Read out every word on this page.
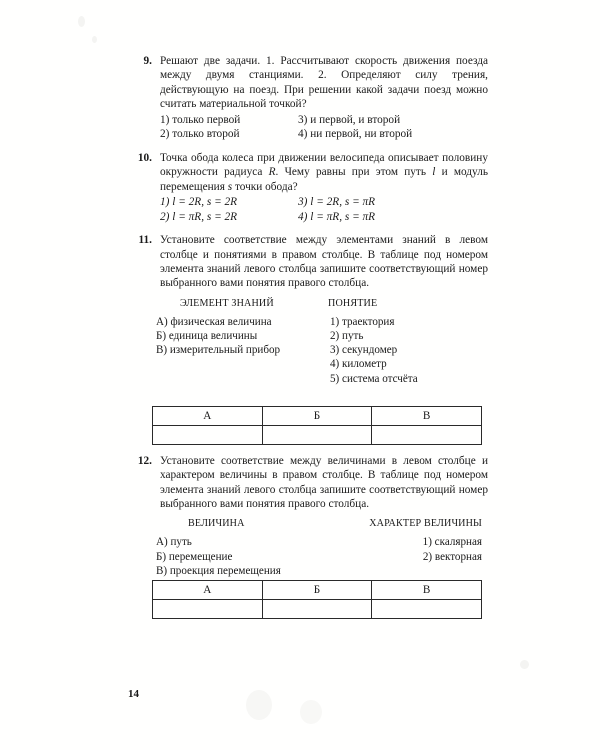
9. Решают две задачи. 1. Рассчитывают скорость движения поезда между двумя станциями. 2. Определяют силу трения, действующую на поезд. При решении какой задачи поезд можно считать материальной точкой?
1) только первой	3) и первой, и второй
2) только второй	4) ни первой, ни второй
10. Точка обода колеса при движении велосипеда описывает половину окружности радиуса R. Чему равны при этом путь l и модуль перемещения s точки обода?
1) l = 2R, s = 2R	3) l = 2R, s = πR
2) l = πR, s = 2R	4) l = πR, s = πR
11. Установите соответствие между элементами знаний в левом столбце и понятиями в правом столбце. В таблице под номером элемента знаний левого столбца запишите соответствующий номер выбранного вами понятия правого столбца.
ЭЛЕМЕНТ ЗНАНИЙ	ПОНЯТИЕ
А) физическая величина
Б) единица величины
В) измерительный прибор
1) траектория
2) путь
3) секундомер
4) километр
5) система отсчёта
А	Б	В

12. Установите соответствие между величинами в левом столбце и характером величины в правом столбце. В таблице под номером элемента знаний левого столбца запишите соответствующий номер выбранного вами понятия правого столбца.
ВЕЛИЧИНА	ХАРАКТЕР ВЕЛИЧИНЫ
А) путь
Б) перемещение
В) проекция перемещения
1) скалярная
2) векторная
А	Б	В

14
